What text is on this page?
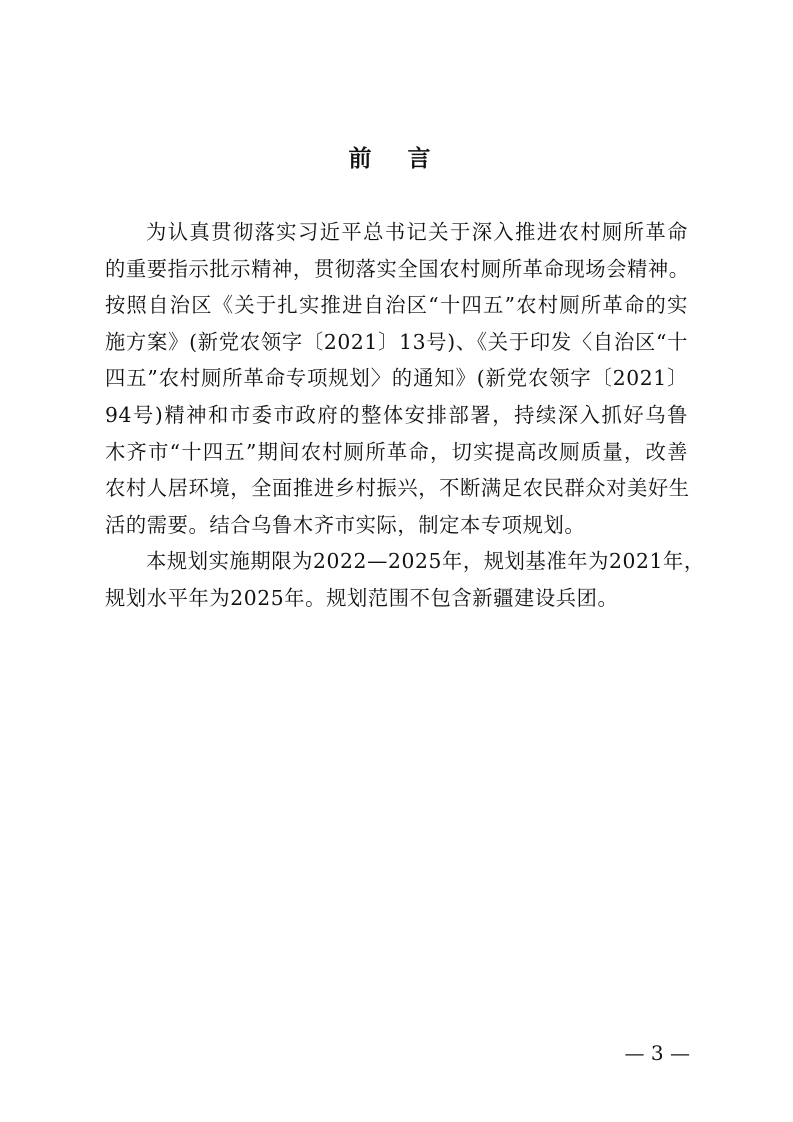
前 言
为认真贯彻落实习近平总书记关于深入推进农村厕所革命
的重要指示批示精神，贯彻落实全国农村厕所革命现场会精神。
按照自治区《关于扎实推进自治区“十四五”农村厕所革命的实
施方案》(新党农领字〔2021〕13号)、《关于印发〈自治区“十
四五”农村厕所革命专项规划〉的通知》(新党农领字〔2021〕
94号)精神和市委市政府的整体安排部署，持续深入抓好乌鲁
木齐市“十四五”期间农村厕所革命，切实提高改厕质量，改善
农村人居环境，全面推进乡村振兴，不断满足农民群众对美好生
活的需要。结合乌鲁木齐市实际，制定本专项规划。
本规划实施期限为2022—2025年，规划基准年为2021年，
规划水平年为2025年。规划范围不包含新疆建设兵团。
— 3 —
